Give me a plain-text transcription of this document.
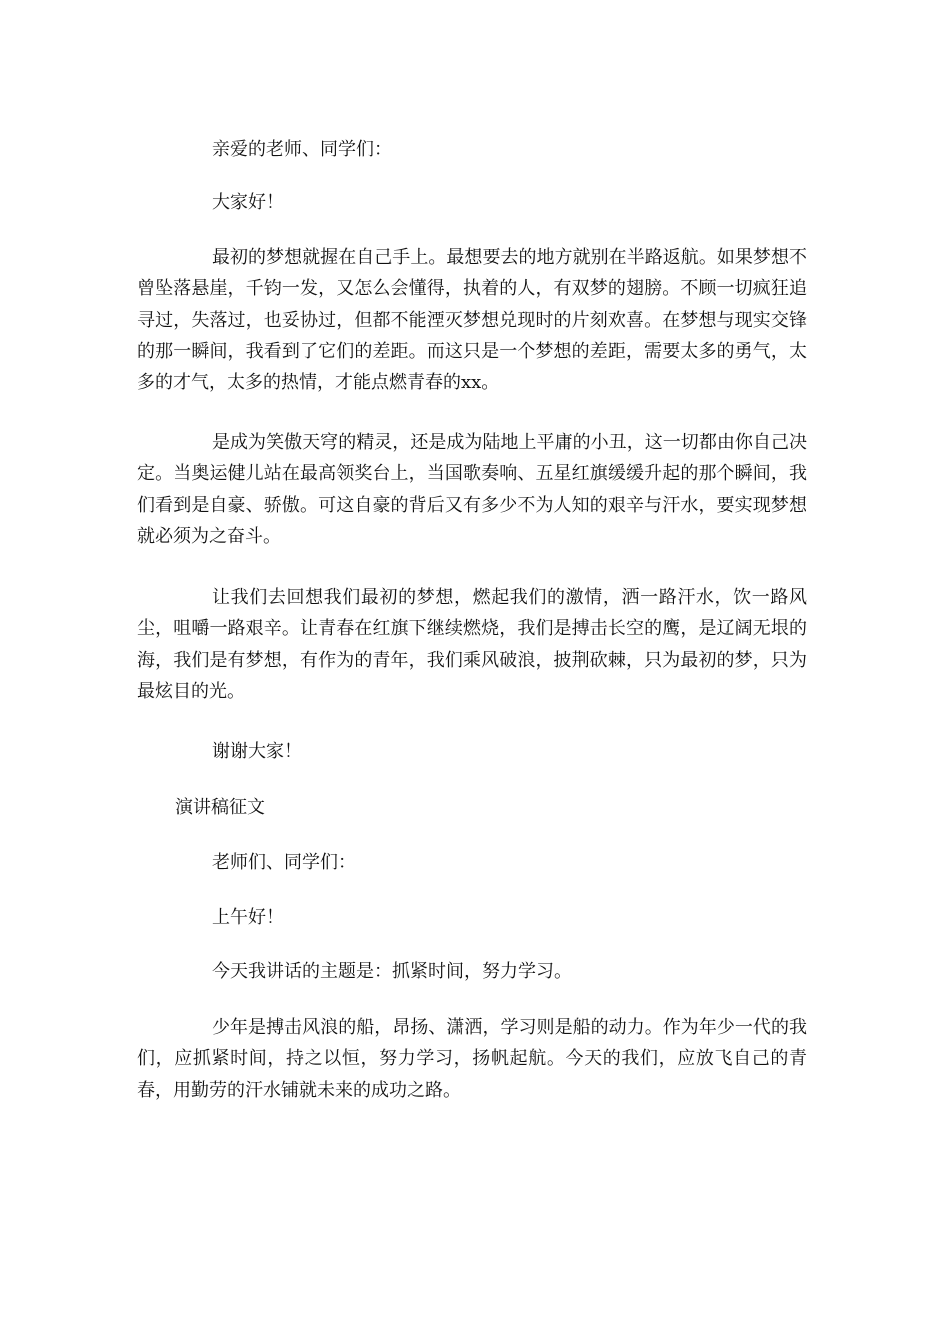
亲爱的老师、同学们：

大家好！

最初的梦想就握在自己手上。最想要去的地方就别在半路返航。如果梦想不曾坠落悬崖，千钧一发，又怎么会懂得，执着的人，有双梦的翅膀。不顾一切疯狂追寻过，失落过，也妥协过，但都不能湮灭梦想兑现时的片刻欢喜。在梦想与现实交锋的那一瞬间，我看到了它们的差距。而这只是一个梦想的差距，需要太多的勇气，太多的才气，太多的热情，才能点燃青春的xx。

是成为笑傲天穹的精灵，还是成为陆地上平庸的小丑，这一切都由你自己决定。当奥运健儿站在最高领奖台上，当国歌奏响、五星红旗缓缓升起的那个瞬间，我们看到是自豪、骄傲。可这自豪的背后又有多少不为人知的艰辛与汗水，要实现梦想就必须为之奋斗。

让我们去回想我们最初的梦想，燃起我们的激情，洒一路汗水，饮一路风尘，咀嚼一路艰辛。让青春在红旗下继续燃烧，我们是搏击长空的鹰，是辽阔无垠的海，我们是有梦想，有作为的青年，我们乘风破浪，披荆砍棘，只为最初的梦，只为最炫目的光。

谢谢大家！

演讲稿征文

老师们、同学们：

上午好！

今天我讲话的主题是：抓紧时间，努力学习。

少年是搏击风浪的船，昂扬、潇洒，学习则是船的动力。作为年少一代的我们，应抓紧时间，持之以恒，努力学习，扬帆起航。今天的我们，应放飞自己的青春，用勤劳的汗水铺就未来的成功之路。
